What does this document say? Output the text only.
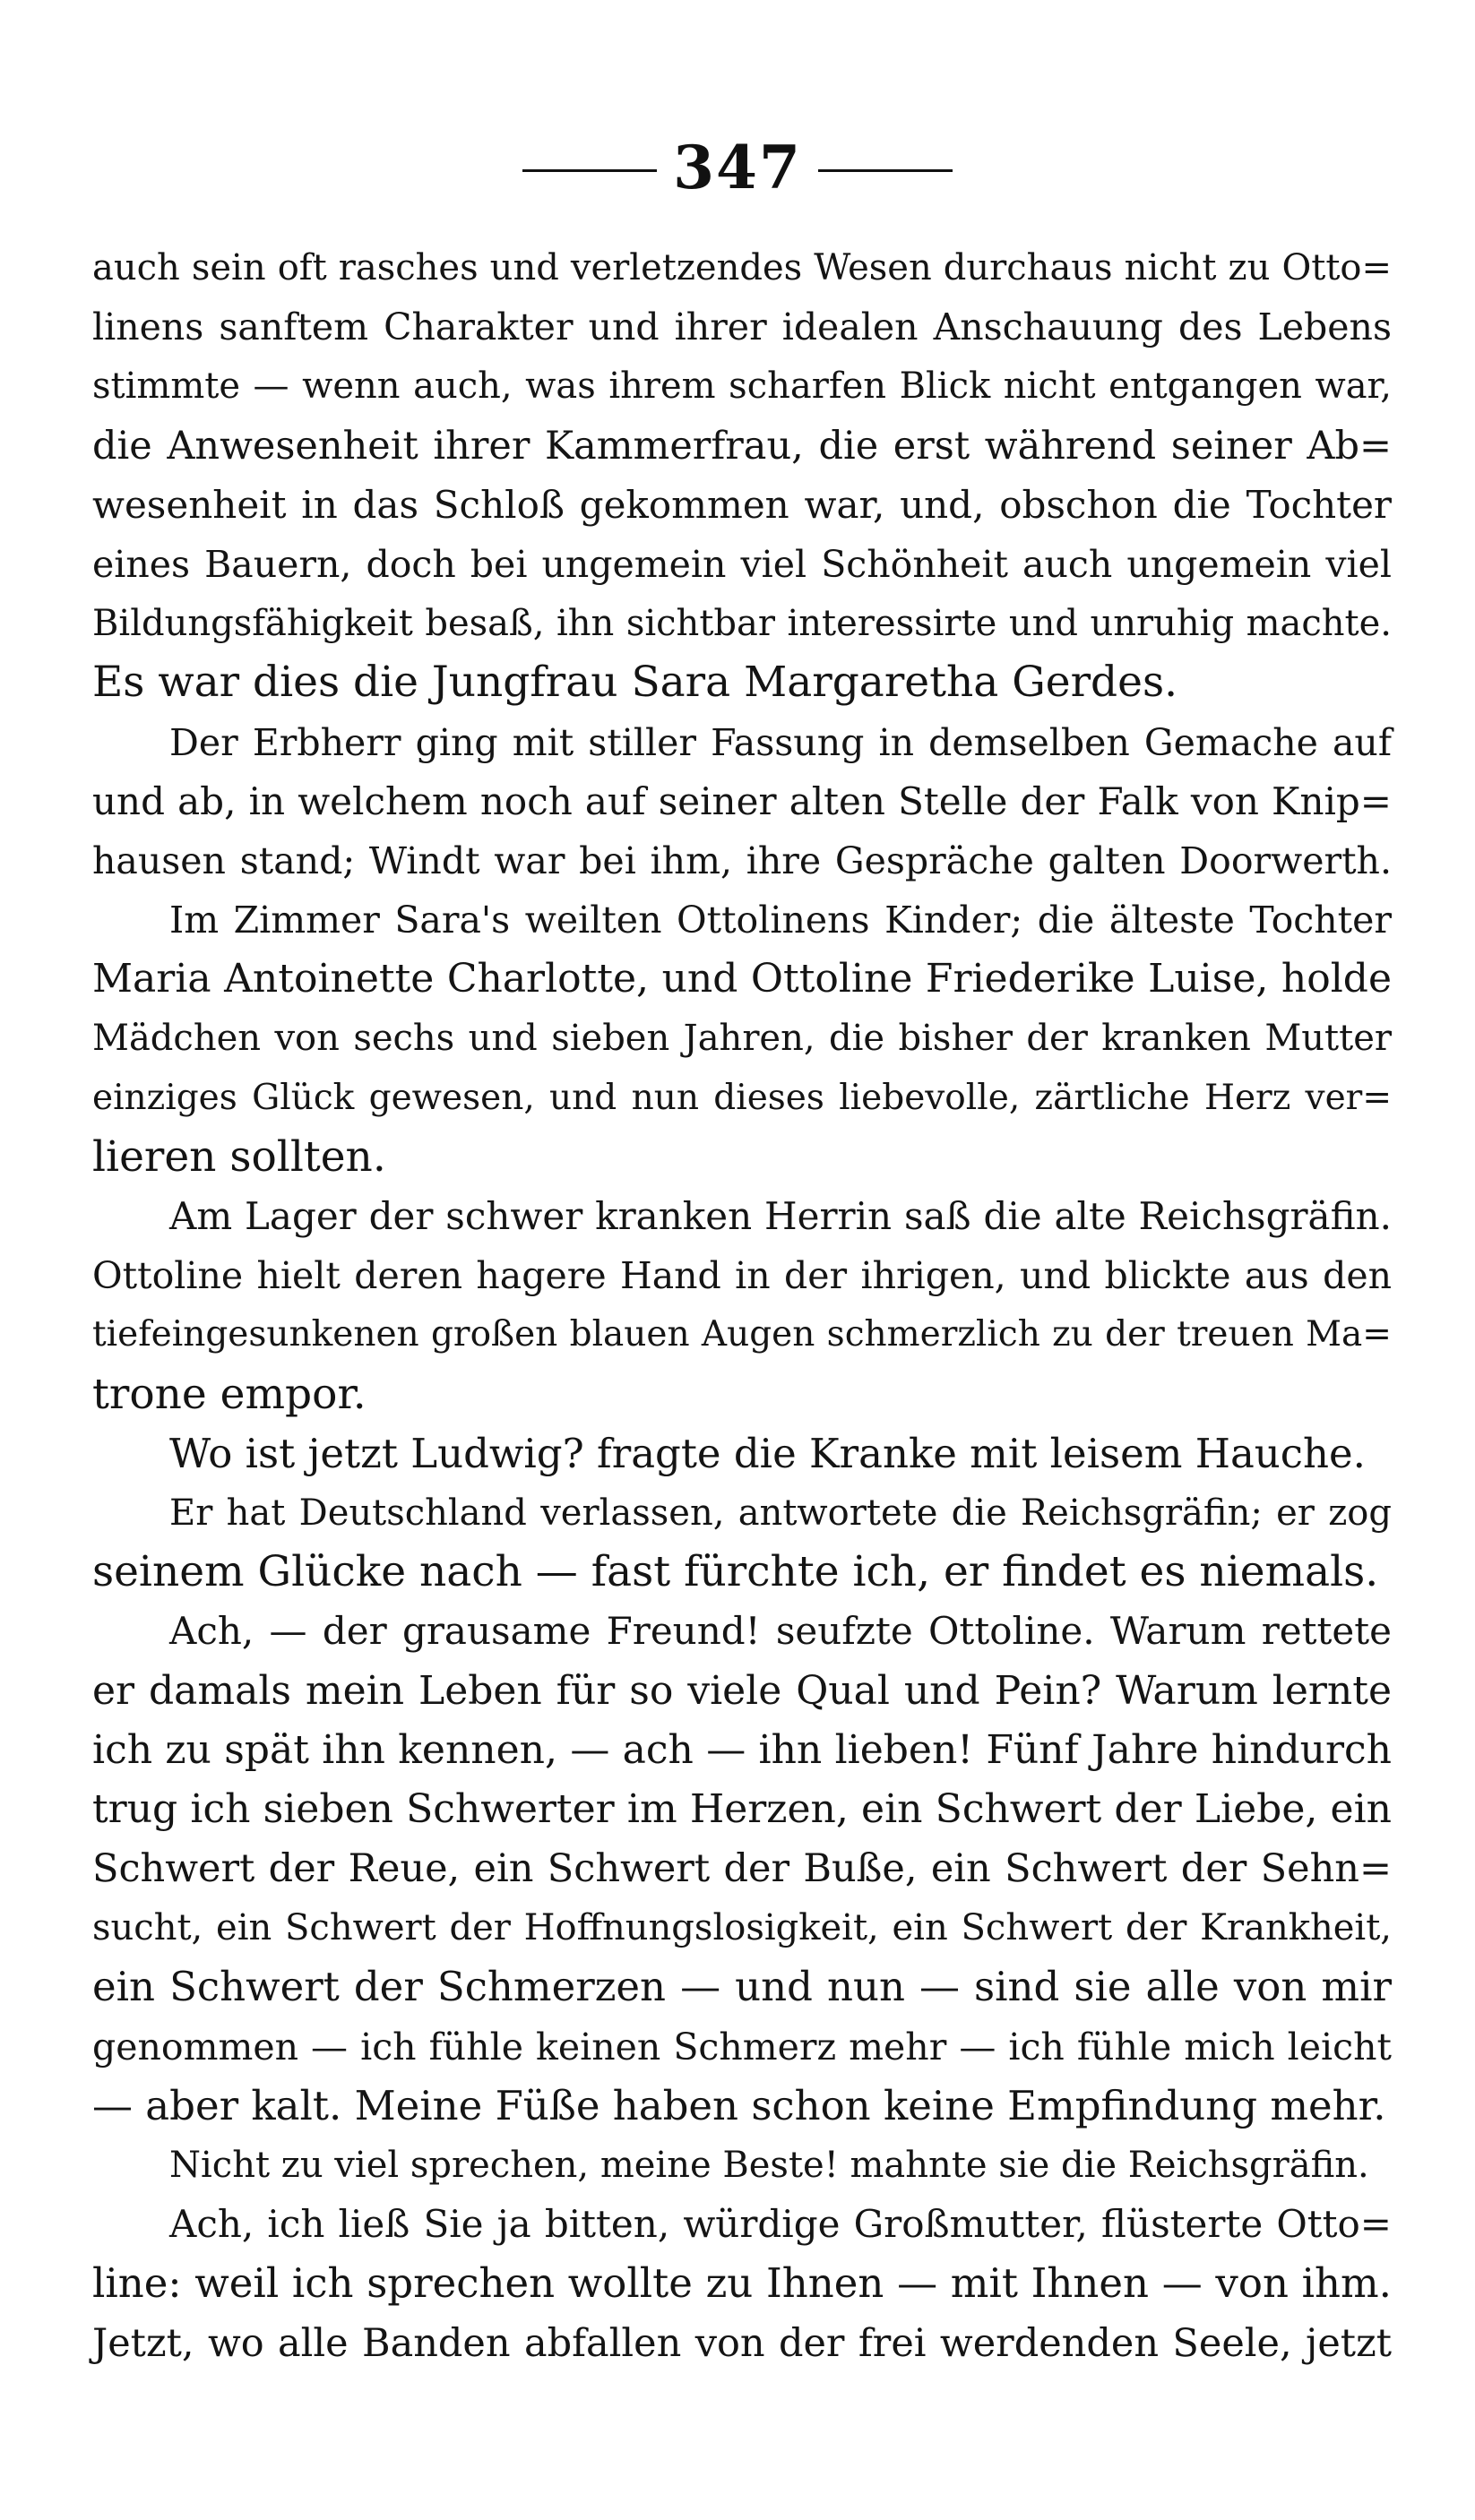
347
auch sein oft rasches und verletzendes Wesen durchaus nicht zu Otto=
linens sanftem Charakter und ihrer idealen Anschauung des Lebens
stimmte — wenn auch, was ihrem scharfen Blick nicht entgangen war,
die Anwesenheit ihrer Kammerfrau, die erst während seiner Ab=
wesenheit in das Schloß gekommen war, und, obschon die Tochter
eines Bauern, doch bei ungemein viel Schönheit auch ungemein viel
Bildungsfähigkeit besaß, ihn sichtbar interessirte und unruhig machte.
Es war dies die Jungfrau Sara Margaretha Gerdes.
Der Erbherr ging mit stiller Fassung in demselben Gemache auf
und ab, in welchem noch auf seiner alten Stelle der Falk von Knip=
hausen stand; Windt war bei ihm, ihre Gespräche galten Doorwerth.
Im Zimmer Sara's weilten Ottolinens Kinder; die älteste Tochter
Maria Antoinette Charlotte, und Ottoline Friederike Luise, holde
Mädchen von sechs und sieben Jahren, die bisher der kranken Mutter
einziges Glück gewesen, und nun dieses liebevolle, zärtliche Herz ver=
lieren sollten.
Am Lager der schwer kranken Herrin saß die alte Reichsgräfin.
Ottoline hielt deren hagere Hand in der ihrigen, und blickte aus den
tiefeingesunkenen großen blauen Augen schmerzlich zu der treuen Ma=
trone empor.
Wo ist jetzt Ludwig? fragte die Kranke mit leisem Hauche.
Er hat Deutschland verlassen, antwortete die Reichsgräfin; er zog
seinem Glücke nach — fast fürchte ich, er findet es niemals.
Ach, — der grausame Freund! seufzte Ottoline. Warum rettete
er damals mein Leben für so viele Qual und Pein? Warum lernte
ich zu spät ihn kennen, — ach — ihn lieben! Fünf Jahre hindurch
trug ich sieben Schwerter im Herzen, ein Schwert der Liebe, ein
Schwert der Reue, ein Schwert der Buße, ein Schwert der Sehn=
sucht, ein Schwert der Hoffnungslosigkeit, ein Schwert der Krankheit,
ein Schwert der Schmerzen — und nun — sind sie alle von mir
genommen — ich fühle keinen Schmerz mehr — ich fühle mich leicht
— aber kalt. Meine Füße haben schon keine Empfindung mehr.
Nicht zu viel sprechen, meine Beste! mahnte sie die Reichsgräfin.
Ach, ich ließ Sie ja bitten, würdige Großmutter, flüsterte Otto=
line: weil ich sprechen wollte zu Ihnen — mit Ihnen — von ihm.
Jetzt, wo alle Banden abfallen von der frei werdenden Seele, jetzt
